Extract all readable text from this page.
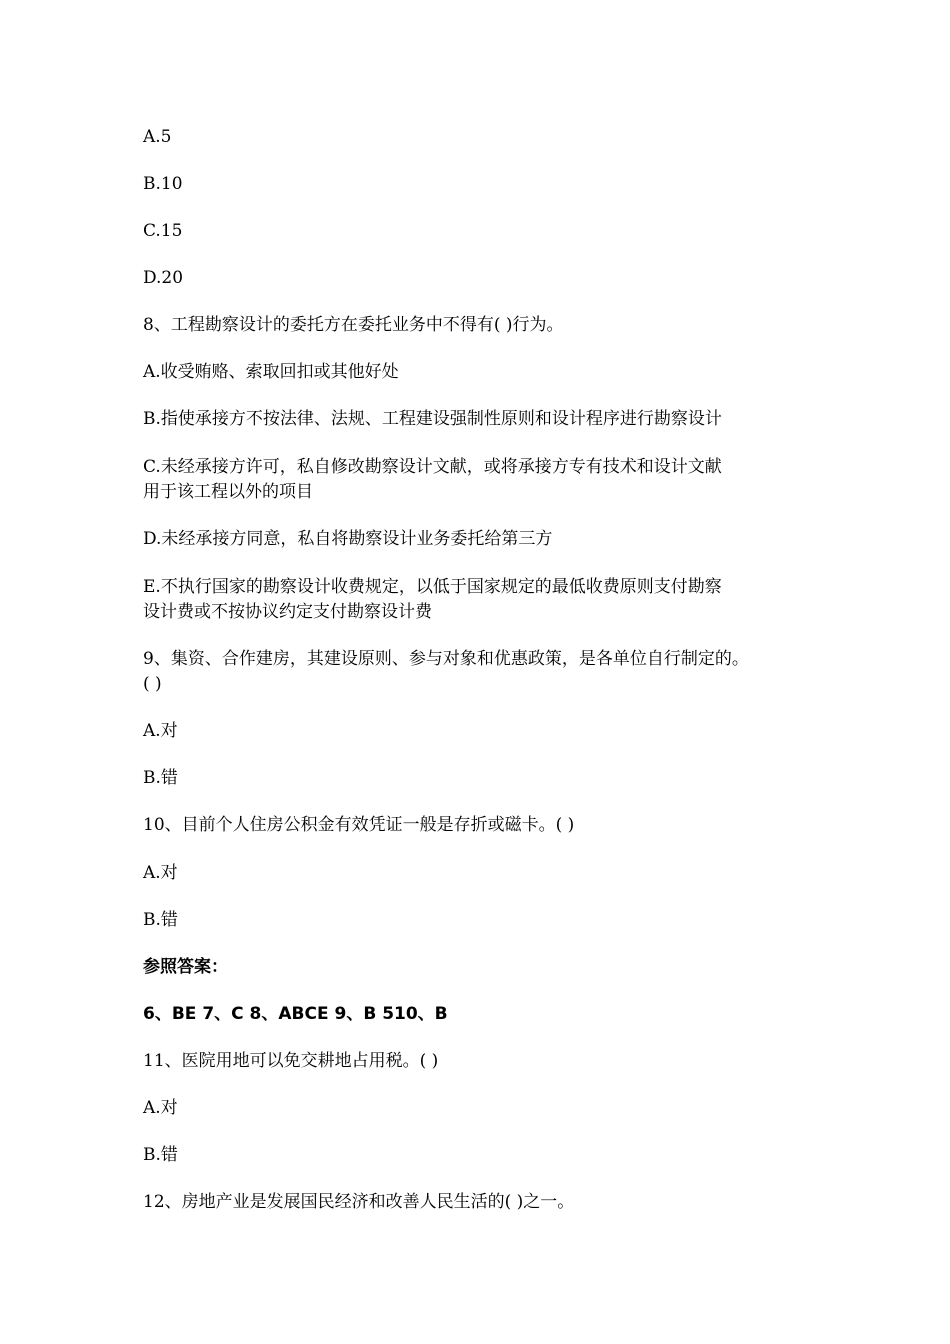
A.5
B.10
C.15
D.20
8、工程勘察设计的委托方在委托业务中不得有( )行为。
A.收受贿赂、索取回扣或其他好处
B.指使承接方不按法律、法规、工程建设强制性原则和设计程序进行勘察设计
C.未经承接方许可，私自修改勘察设计文献，或将承接方专有技术和设计文献
用于该工程以外的项目
D.未经承接方同意，私自将勘察设计业务委托给第三方
E.不执行国家的勘察设计收费规定，以低于国家规定的最低收费原则支付勘察
设计费或不按协议约定支付勘察设计费
9、集资、合作建房，其建设原则、参与对象和优惠政策，是各单位自行制定的。
( )
A.对
B.错
10、目前个人住房公积金有效凭证一般是存折或磁卡。( )
A.对
B.错
参照答案：
6、BE 7、C 8、ABCE 9、B 510、B
11、医院用地可以免交耕地占用税。( )
A.对
B.错
12、房地产业是发展国民经济和改善人民生活的( )之一。
